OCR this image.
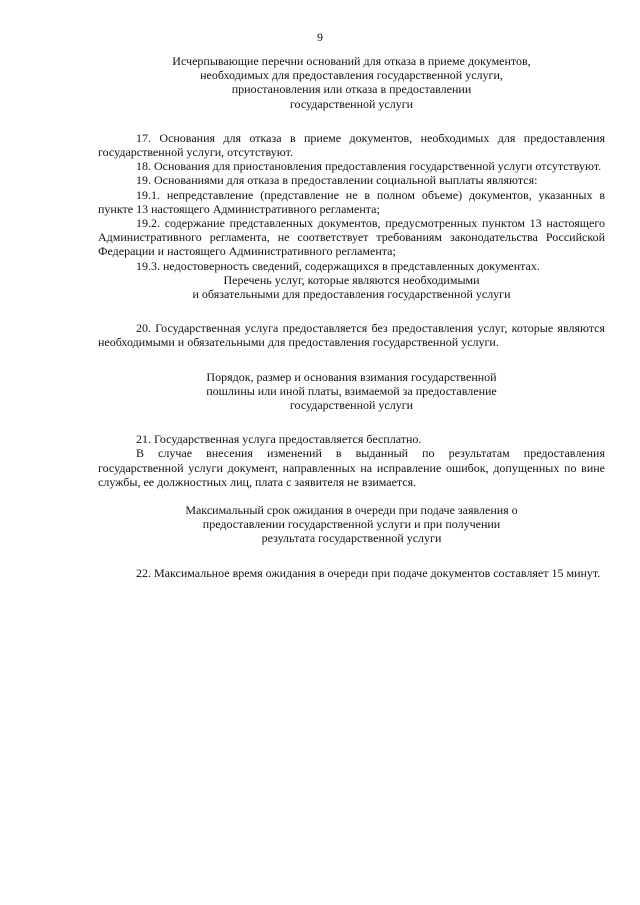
9
Исчерпывающие перечни оснований для отказа в приеме документов,
необходимых для предоставления государственной услуги,
приостановления или отказа в предоставлении
государственной услуги

17. Основания для отказа в приеме документов, необходимых для предоставления государственной услуги, отсутствуют.

18. Основания для приостановления предоставления государственной услуги отсутствуют.

19. Основаниями для отказа в предоставлении социальной выплаты являются:

19.1. непредставление (представление не в полном объеме) документов, указанных в пункте 13 настоящего Административного регламента;

19.2. содержание представленных документов, предусмотренных пунктом 13 настоящего Административного регламента, не соответствует требованиям законодательства Российской Федерации и настоящего Административного регламента;

19.3. недостоверность сведений, содержащихся в представленных документах.

Перечень услуг, которые являются необходимыми
и обязательными для предоставления государственной услуги

20. Государственная услуга предоставляется без предоставления услуг, которые являются необходимыми и обязательными для предоставления государственной услуги.

Порядок, размер и основания взимания государственной
пошлины или иной платы, взимаемой за предоставление
государственной услуги

21. Государственная услуга предоставляется бесплатно.

В случае внесения изменений в выданный по результатам предоставления государственной услуги документ, направленных на исправление ошибок, допущенных по вине службы, ее должностных лиц, плата с заявителя не взимается.

Максимальный срок ожидания в очереди при подаче заявления о
предоставлении государственной услуги и при получении
результата государственной услуги

22. Максимальное время ожидания в очереди при подаче документов составляет 15 минут.
